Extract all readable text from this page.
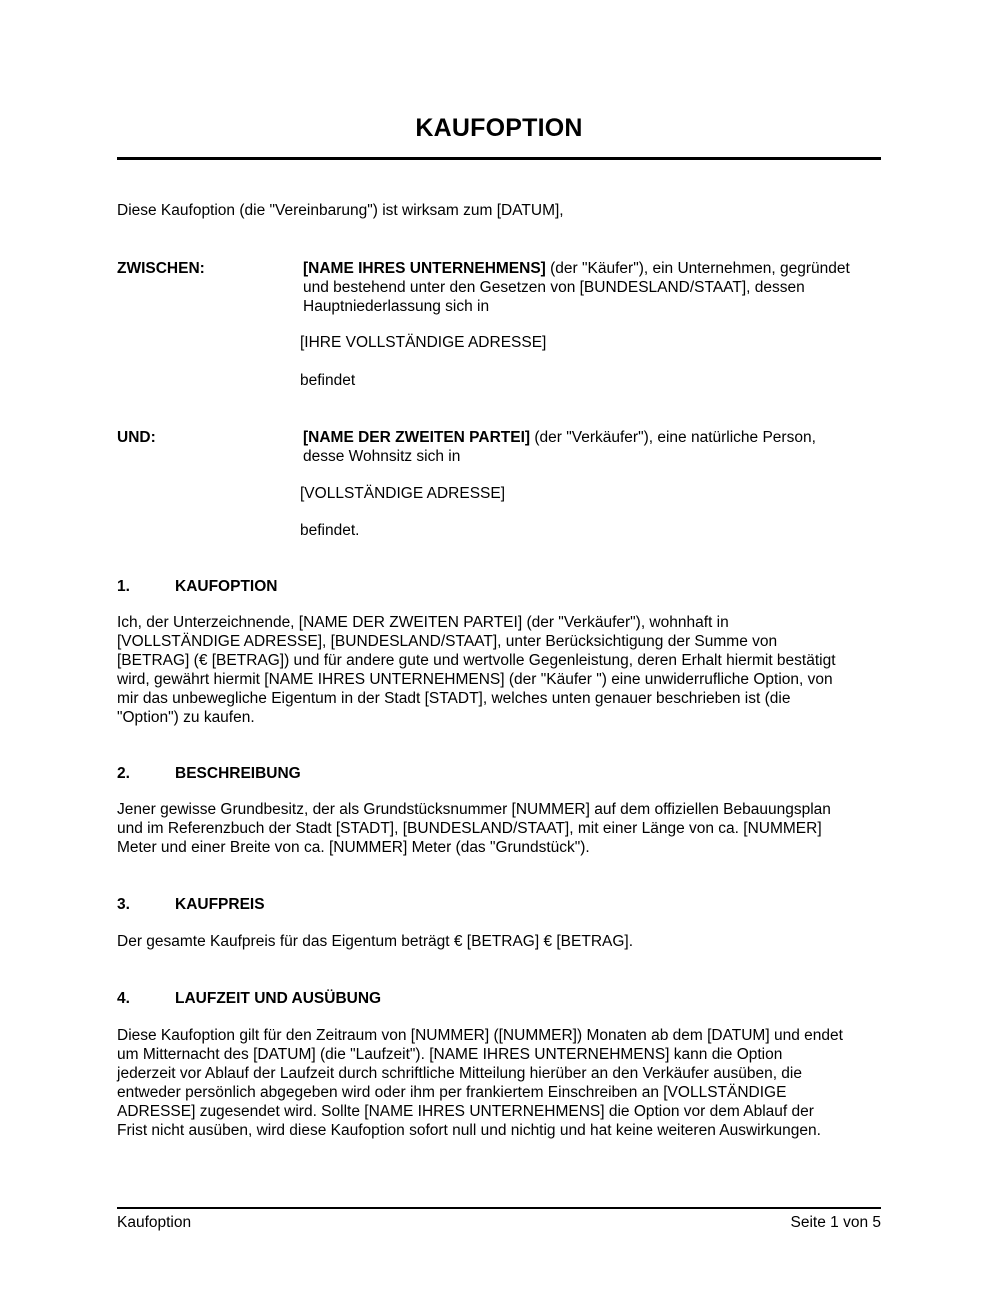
KAUFOPTION
Diese Kaufoption (die "Vereinbarung") ist wirksam zum [DATUM],
ZWISCHEN:	[NAME IHRES UNTERNEHMENS] (der "Käufer"), ein Unternehmen, gegründet
und bestehend unter den Gesetzen von [BUNDESLAND/STAAT], dessen
Hauptniederlassung sich in
[IHRE VOLLSTÄNDIGE ADRESSE]
befindet
UND:	[NAME DER ZWEITEN PARTEI] (der "Verkäufer"), eine natürliche Person,
desse Wohnsitz sich in
[VOLLSTÄNDIGE ADRESSE]
befindet.
1.	KAUFOPTION
Ich, der Unterzeichnende, [NAME DER ZWEITEN PARTEI] (der "Verkäufer"), wohnhaft in
[VOLLSTÄNDIGE ADRESSE], [BUNDESLAND/STAAT], unter Berücksichtigung der Summe von
[BETRAG] (€ [BETRAG]) und für andere gute und wertvolle Gegenleistung, deren Erhalt hiermit bestätigt
wird, gewährt hiermit [NAME IHRES UNTERNEHMENS] (der "Käufer ") eine unwiderrufliche Option, von
mir das unbewegliche Eigentum in der Stadt [STADT], welches unten genauer beschrieben ist (die
"Option") zu kaufen.
2.	BESCHREIBUNG
Jener gewisse Grundbesitz, der als Grundstücksnummer [NUMMER] auf dem offiziellen Bebauungsplan
und im Referenzbuch der Stadt [STADT], [BUNDESLAND/STAAT], mit einer Länge von ca. [NUMMER]
Meter und einer Breite von ca. [NUMMER] Meter (das "Grundstück").
3.	KAUFPREIS
Der gesamte Kaufpreis für das Eigentum beträgt € [BETRAG] € [BETRAG].
4.	LAUFZEIT UND AUSÜBUNG
Diese Kaufoption gilt für den Zeitraum von [NUMMER] ([NUMMER]) Monaten ab dem [DATUM] und endet
um Mitternacht des [DATUM] (die "Laufzeit"). [NAME IHRES UNTERNEHMENS] kann die Option
jederzeit vor Ablauf der Laufzeit durch schriftliche Mitteilung hierüber an den Verkäufer ausüben, die
entweder persönlich abgegeben wird oder ihm per frankiertem Einschreiben an [VOLLSTÄNDIGE
ADRESSE] zugesendet wird. Sollte [NAME IHRES UNTERNEHMENS] die Option vor dem Ablauf der
Frist nicht ausüben, wird diese Kaufoption sofort null und nichtig und hat keine weiteren Auswirkungen.
Kaufoption	Seite 1 von 5
